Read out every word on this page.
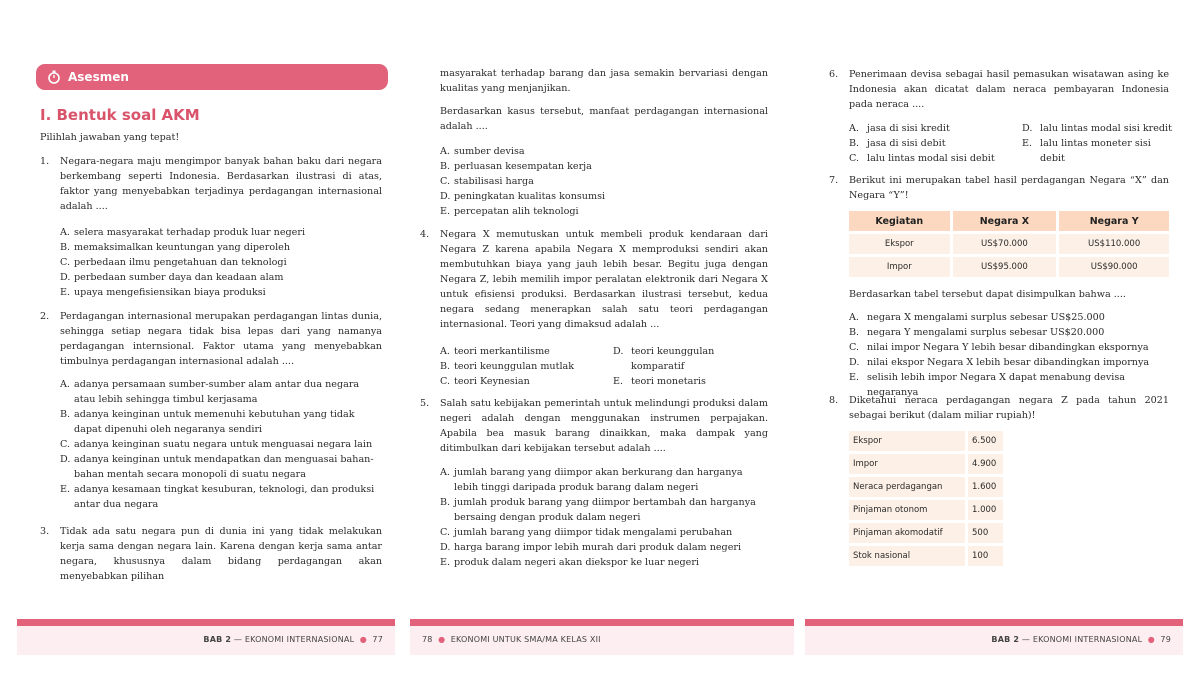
Asesmen
I. Bentuk soal AKM
Pilihlah jawaban yang tepat!
1. Negara-negara maju mengimpor banyak bahan baku dari negara berkembang seperti Indonesia. Berdasarkan ilustrasi di atas, faktor yang menyebabkan terjadinya perdagangan internasional adalah ....
A. selera masyarakat terhadap produk luar negeri
B. memaksimalkan keuntungan yang diperoleh
C. perbedaan ilmu pengetahuan dan teknologi
D. perbedaan sumber daya dan keadaan alam
E. upaya mengefisiensikan biaya produksi
2. Perdagangan internasional merupakan perdagangan lintas dunia, sehingga setiap negara tidak bisa lepas dari yang namanya perdagangan internsional. Faktor utama yang menyebabkan timbulnya perdagangan internasional adalah ....
A. adanya persamaan sumber-sumber alam antar dua negara atau lebih sehingga timbul kerjasama
B. adanya keinginan untuk memenuhi kebutuhan yang tidak dapat dipenuhi oleh negaranya sendiri
C. adanya keinginan suatu negara untuk menguasai negara lain
D. adanya keinginan untuk mendapatkan dan menguasai bahan-bahan mentah secara monopoli di suatu negara
E. adanya kesamaan tingkat kesuburan, teknologi, dan produksi antar dua negara
3. Tidak ada satu negara pun di dunia ini yang tidak melakukan kerja sama dengan negara lain. Karena dengan kerja sama antar negara, khususnya dalam bidang perdagangan akan menyebabkan pilihan
BAB 2 — EKONOMI INTERNASIONAL  ●  77
masyarakat terhadap barang dan jasa semakin bervariasi dengan kualitas yang menjanjikan.
Berdasarkan kasus tersebut, manfaat perdagangan internasional adalah ....
A. sumber devisa
B. perluasan kesempatan kerja
C. stabilisasi harga
D. peningkatan kualitas konsumsi
E. percepatan alih teknologi
4. Negara X memutuskan untuk membeli produk kendaraan dari Negara Z karena apabila Negara X memproduksi sendiri akan membutuhkan biaya yang jauh lebih besar. Begitu juga dengan Negara Z, lebih memilih impor peralatan elektronik dari Negara X untuk efisiensi produksi. Berdasarkan ilustrasi tersebut, kedua negara sedang menerapkan salah satu teori perdagangan internasional. Teori yang dimaksud adalah ...
A. teori merkantilisme
B. teori keunggulan mutlak
C. teori Keynesian
D. teori keunggulan komparatif
E. teori monetaris
5. Salah satu kebijakan pemerintah untuk melindungi produksi dalam negeri adalah dengan menggunakan instrumen perpajakan. Apabila bea masuk barang dinaikkan, maka dampak yang ditimbulkan dari kebijakan tersebut adalah ....
A. jumlah barang yang diimpor akan berkurang dan harganya lebih tinggi daripada produk barang dalam negeri
B. jumlah produk barang yang diimpor bertambah dan harganya bersaing dengan produk dalam negeri
C. jumlah barang yang diimpor tidak mengalami perubahan
D. harga barang impor lebih murah dari produk dalam negeri
E. produk dalam negeri akan diekspor ke luar negeri
78  ●  EKONOMI UNTUK SMA/MA KELAS XII
6. Penerimaan devisa sebagai hasil pemasukan wisatawan asing ke Indonesia akan dicatat dalam neraca pembayaran Indonesia pada neraca ....
A. jasa di sisi kredit
B. jasa di sisi debit
C. lalu lintas modal sisi debit
D. lalu lintas modal sisi kredit
E. lalu lintas moneter sisi debit
7. Berikut ini merupakan tabel hasil perdagangan Negara “X” dan Negara “Y”!
Kegiatan	Negara X	Negara Y
Ekspor	US$70.000	US$110.000
Impor	US$95.000	US$90.000
Berdasarkan tabel tersebut dapat disimpulkan bahwa ....
A. negara X mengalami surplus sebesar US$25.000
B. negara Y mengalami surplus sebesar US$20.000
C. nilai impor Negara Y lebih besar dibandingkan ekspornya
D. nilai ekspor Negara X lebih besar dibandingkan impornya
E. selisih lebih impor Negara X dapat menabung devisa negaranya
8. Diketahui neraca perdagangan negara Z pada tahun 2021 sebagai berikut (dalam miliar rupiah)!
Ekspor	6.500
Impor	4.900
Neraca perdagangan	1.600
Pinjaman otonom	1.000
Pinjaman akomodatif	500
Stok nasional	100
BAB 2 — EKONOMI INTERNASIONAL  ●  79
